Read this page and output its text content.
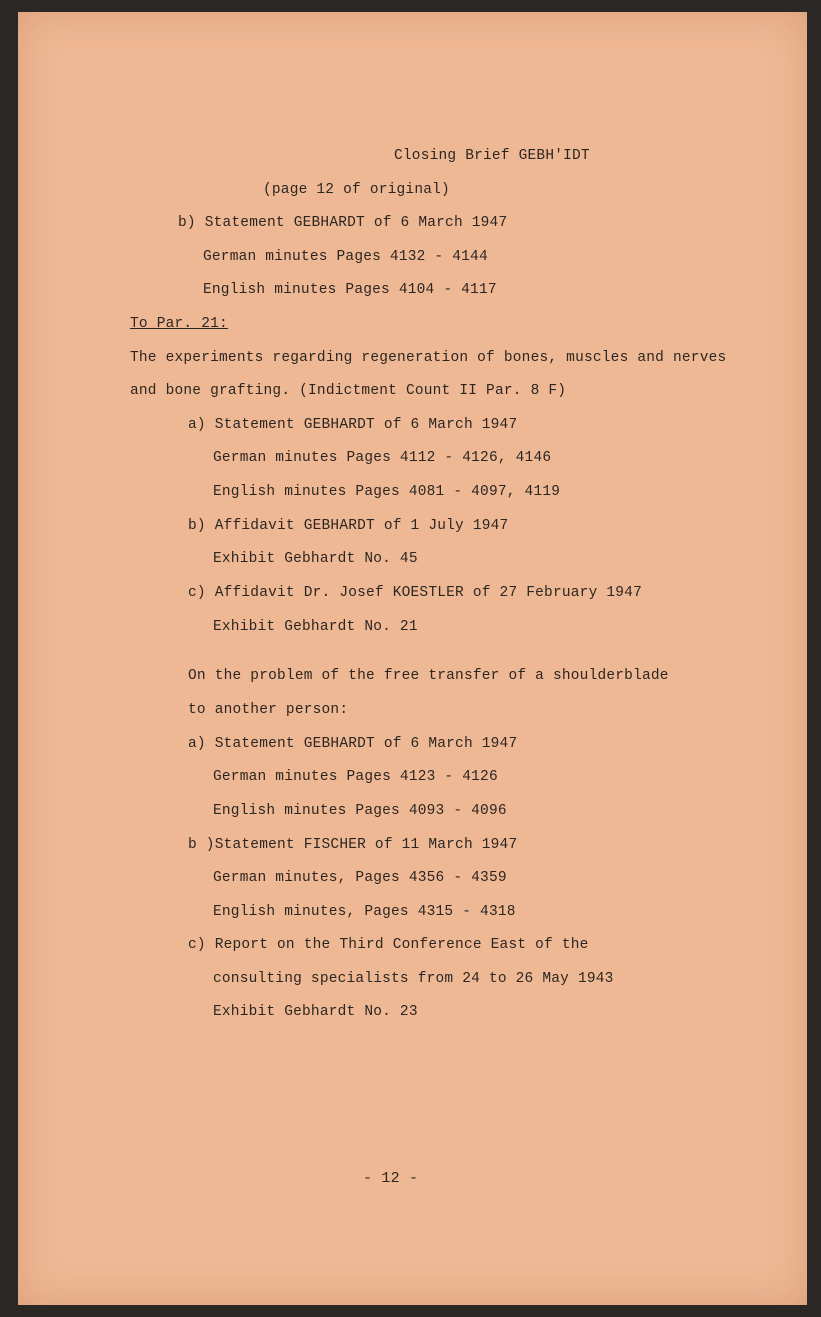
Closing Brief GEBH'IDT
(page 12 of original)
b) Statement GEBHARDT of 6 March 1947
German minutes Pages 4132 - 4144
English minutes Pages 4104 - 4117
To Par. 21:
The experiments regarding regeneration of bones, muscles and nerves
and bone grafting. (Indictment Count II Par. 8 F)
a) Statement GEBHARDT of 6 March 1947
German minutes Pages 4112 - 4126, 4146
English minutes Pages 4081 - 4097, 4119
b) Affidavit GEBHARDT of 1 July 1947
Exhibit Gebhardt No. 45
c) Affidavit Dr. Josef KOESTLER of 27 February 1947
Exhibit Gebhardt No. 21
On the problem of the free transfer of a shoulderblade
to another person:
a) Statement GEBHARDT of 6 March 1947
German minutes Pages 4123 - 4126
English minutes Pages 4093 - 4096
b )Statement FISCHER of 11 March 1947
German minutes, Pages 4356 - 4359
English minutes, Pages 4315 - 4318
c) Report on the Third Conference East of the
consulting specialists from 24 to 26 May 1943
Exhibit Gebhardt No. 23
- 12 -
